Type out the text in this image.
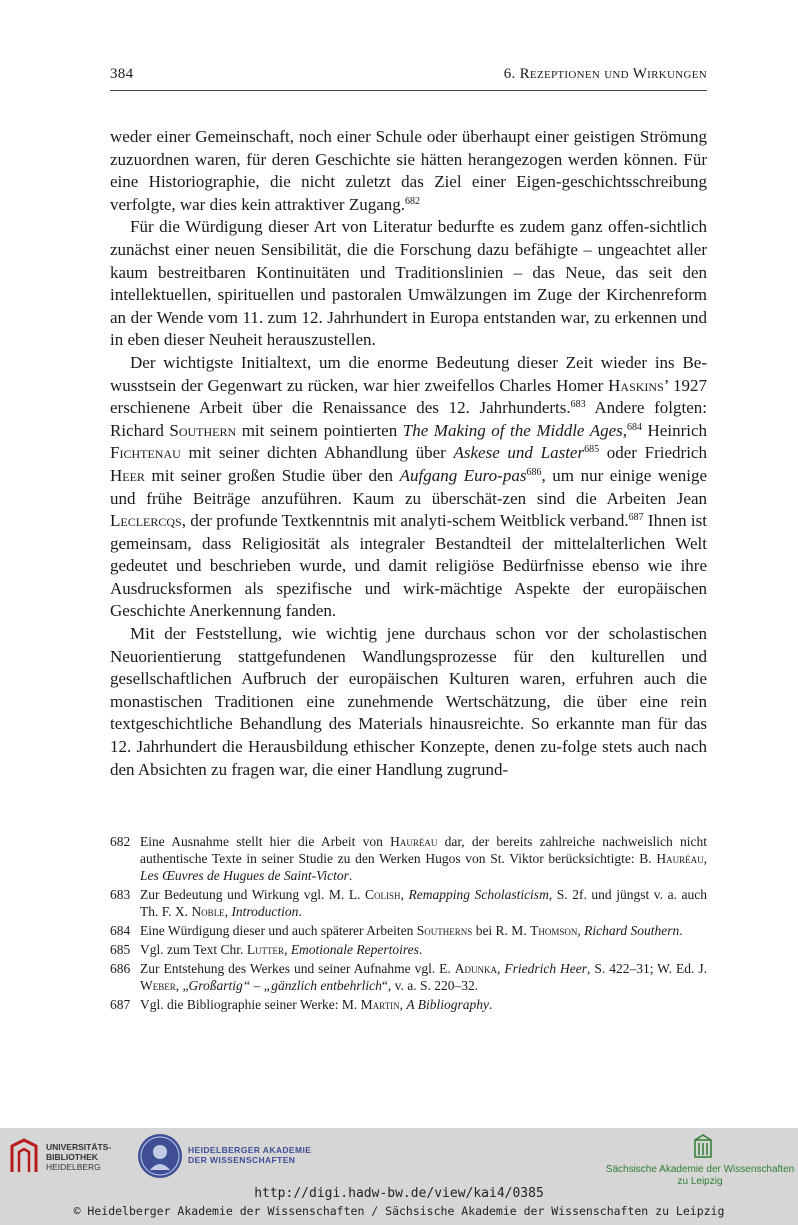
384	6. Rezeptionen und Wirkungen

weder einer Gemeinschaft, noch einer Schule oder überhaupt einer geistigen Strömung zuzuordnen waren, für deren Geschichte sie hätten herangezogen werden können. Für eine Historiographie, die nicht zuletzt das Ziel einer Eigen-geschichtsschreibung verfolgte, war dies kein attraktiver Zugang.$^{682}$

Für die Würdigung dieser Art von Literatur bedurfte es zudem ganz offen-sichtlich zunächst einer neuen Sensibilität, die die Forschung dazu befähigte – ungeachtet aller kaum bestreitbaren Kontinuitäten und Traditionslinien – das Neue, das seit den intellektuellen, spirituellen und pastoralen Umwälzungen im Zuge der Kirchenreform an der Wende vom 11. zum 12. Jahrhundert in Europa entstanden war, zu erkennen und in eben dieser Neuheit herauszustellen.

Der wichtigste Initialtext, um die enorme Bedeutung dieser Zeit wieder ins Be-wusstsein der Gegenwart zu rücken, war hier zweifellos Charles Homer Haskins’ 1927 erschienene Arbeit über die Renaissance des 12. Jahrhunderts.$^{683}$ Andere folgten: Richard Southern mit seinem pointierten The Making of the Middle Ages,$^{684}$ Heinrich Fichtenau mit seiner dichten Abhandlung über Askese und Laster$^{685}$ oder Friedrich Heer mit seiner großen Studie über den Aufgang Euro-pas$^{686}$, um nur einige wenige und frühe Beiträge anzuführen. Kaum zu überschät-zen sind die Arbeiten Jean Leclercqs, der profunde Textkenntnis mit analyti-schem Weitblick verband.$^{687}$ Ihnen ist gemeinsam, dass Religiosität als integraler Bestandteil der mittelalterlichen Welt gedeutet und beschrieben wurde, und damit religiöse Bedürfnisse ebenso wie ihre Ausdrucksformen als spezifische und wirk-mächtige Aspekte der europäischen Geschichte Anerkennung fanden.

Mit der Feststellung, wie wichtig jene durchaus schon vor der scholastischen Neuorientierung stattgefundenen Wandlungsprozesse für den kulturellen und gesellschaftlichen Aufbruch der europäischen Kulturen waren, erfuhren auch die monastischen Traditionen eine zunehmende Wertschätzung, die über eine rein textgeschichtliche Behandlung des Materials hinausreichte. So erkannte man für das 12. Jahrhundert die Herausbildung ethischer Konzepte, denen zu-folge stets auch nach den Absichten zu fragen war, die einer Handlung zugrund-

682 Eine Ausnahme stellt hier die Arbeit von Hauréau dar, der bereits zahlreiche nachweislich nicht authentische Texte in seiner Studie zu den Werken Hugos von St. Viktor berücksichtigte: B. Hauréau, Les Œuvres de Hugues de Saint-Victor.
683 Zur Bedeutung und Wirkung vgl. M. L. Colish, Remapping Scholasticism, S. 2f. und jüngst v. a. auch Th. F. X. Noble, Introduction.
684 Eine Würdigung dieser und auch späterer Arbeiten Southerns bei R. M. Thomson, Richard Southern.
685 Vgl. zum Text Chr. Lutter, Emotionale Repertoires.
686 Zur Entstehung des Werkes und seiner Aufnahme vgl. E. Adunka, Friedrich Heer, S. 422–31; W. Ed. J. Weber, „Großartig“ – „gänzlich entbehrlich“, v. a. S. 220–32.
687 Vgl. die Bibliographie seiner Werke: M. Martin, A Bibliography.
UNIVERSITÄTS-
BIBLIOTHEK
HEIDELBERG
HEIDELBERGER AKADEMIE
DER WISSENSCHAFTEN
Sächsische Akademie der Wissenschaften
zu Leipzig
http://digi.hadw-bw.de/view/kai4/0385
© Heidelberger Akademie der Wissenschaften / Sächsische Akademie der Wissenschaften zu Leipzig
